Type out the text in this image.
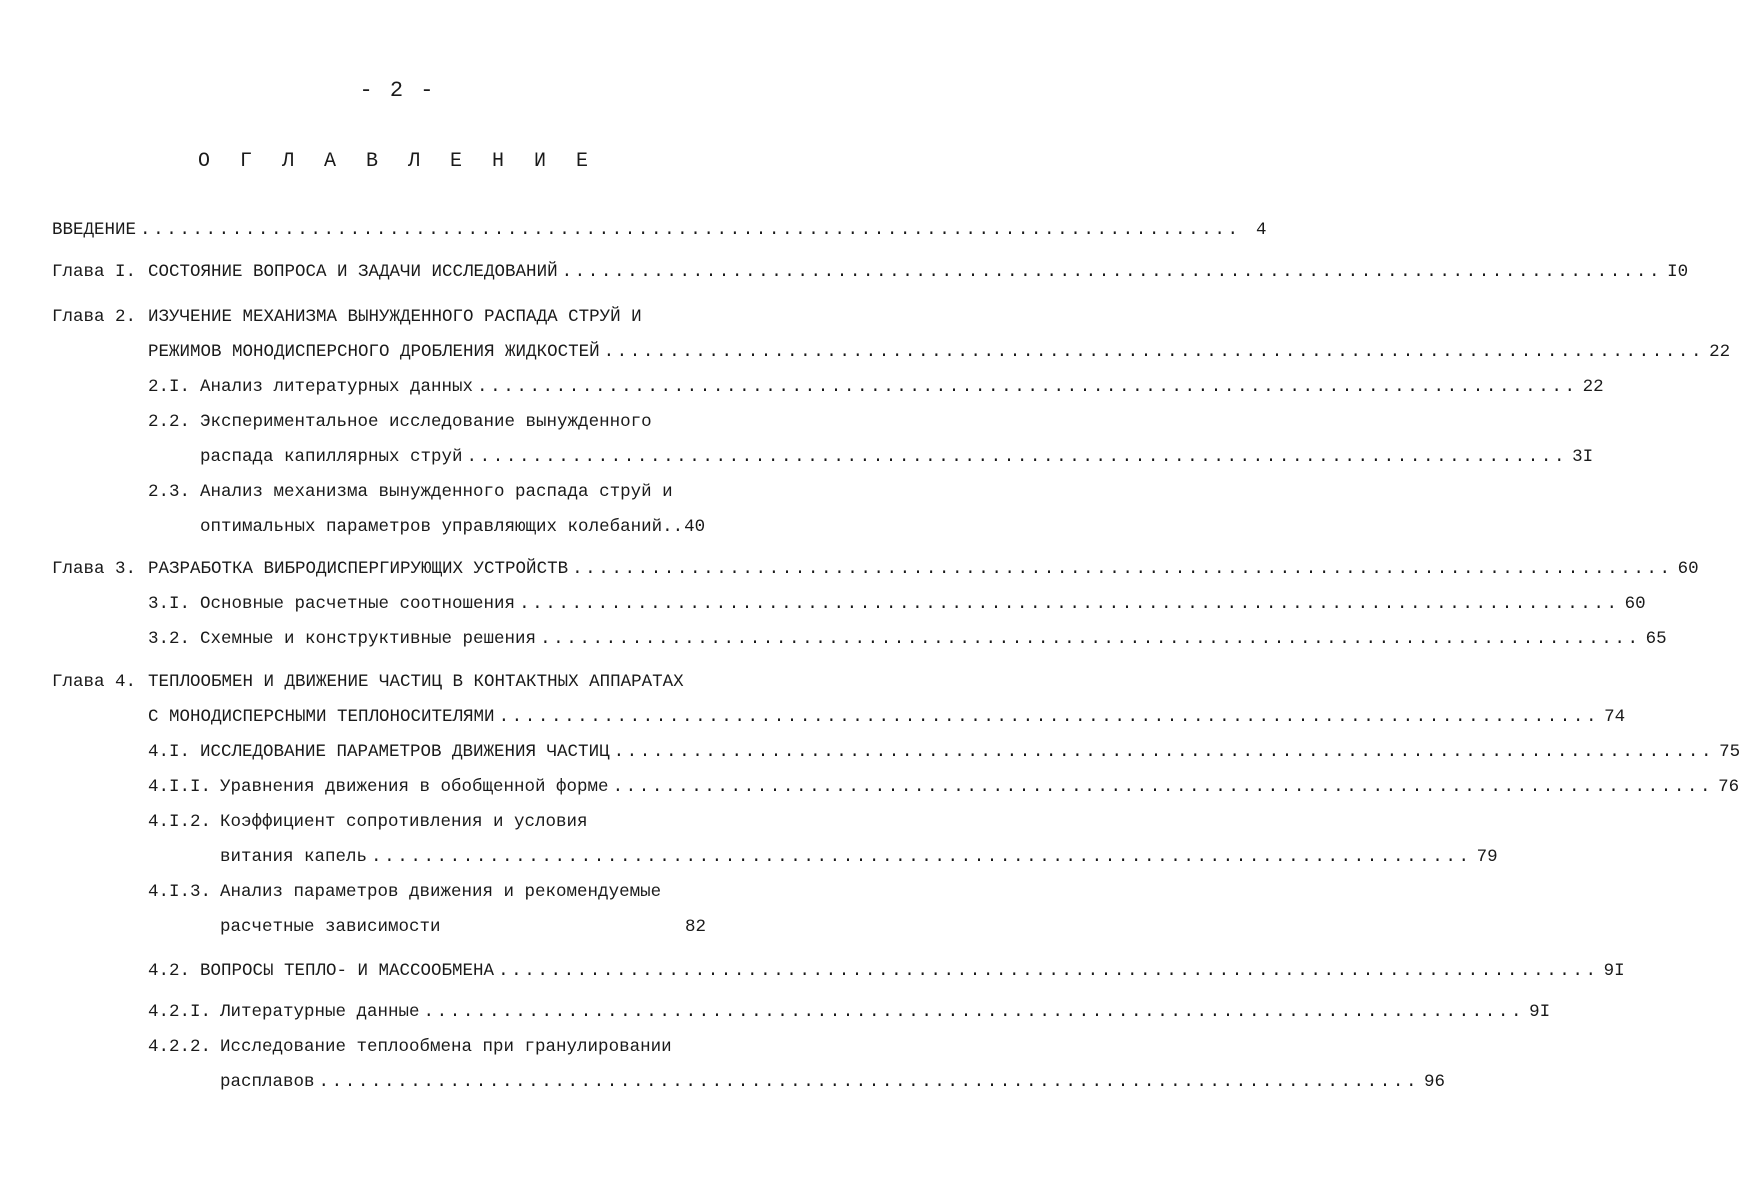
- 2 -
О Г Л А В Л Е Н И Е
ВВЕДЕНИЕ .................................................................................... 4
Глава I. СОСТОЯНИЕ ВОПРОСА И ЗАДАЧИ ИССЛЕДОВАНИЙ .................................................................................... I0
Глава 2. ИЗУЧЕНИЕ МЕХАНИЗМА ВЫНУЖДЕННОГО РАСПАДА СТРУЙ И
РЕЖИМОВ МОНОДИСПЕРСНОГО ДРОБЛЕНИЯ ЖИДКОСТЕЙ .................................................................................... 22
2.I. Анализ литературных данных .................................................................................... 22
2.2. Экспериментальное исследование вынужденного
распада капиллярных струй .................................................................................... 3I
2.3. Анализ механизма вынужденного распада струй и
оптимальных параметров управляющих колебаний.. 40
Глава 3. РАЗРАБОТКА ВИБРОДИСПЕРГИРУЮЩИХ УСТРОЙСТВ .................................................................................... 60
3.I. Основные расчетные соотношения .................................................................................... 60
3.2. Схемные и конструктивные решения .................................................................................... 65
Глава 4. ТЕПЛООБМЕН И ДВИЖЕНИЕ ЧАСТИЦ В КОНТАКТНЫХ АППАРАТАХ
С МОНОДИСПЕРСНЫМИ ТЕПЛОНОСИТЕЛЯМИ .................................................................................... 74
4.I. ИССЛЕДОВАНИЕ ПАРАМЕТРОВ ДВИЖЕНИЯ ЧАСТИЦ .................................................................................... 75
4.I.I. Уравнения движения в обобщенной форме .................................................................................... 76
4.I.2. Коэффициент сопротивления и условия
витания капель .................................................................................... 79
4.I.3. Анализ параметров движения и рекомендуемые
расчетные зависимости	82
4.2. ВОПРОСЫ ТЕПЛО- И МАССООБМЕНА .................................................................................... 9I
4.2.I. Литературные данные .................................................................................... 9I
4.2.2. Исследование теплообмена при гранулировании
расплавов .................................................................................... 96
